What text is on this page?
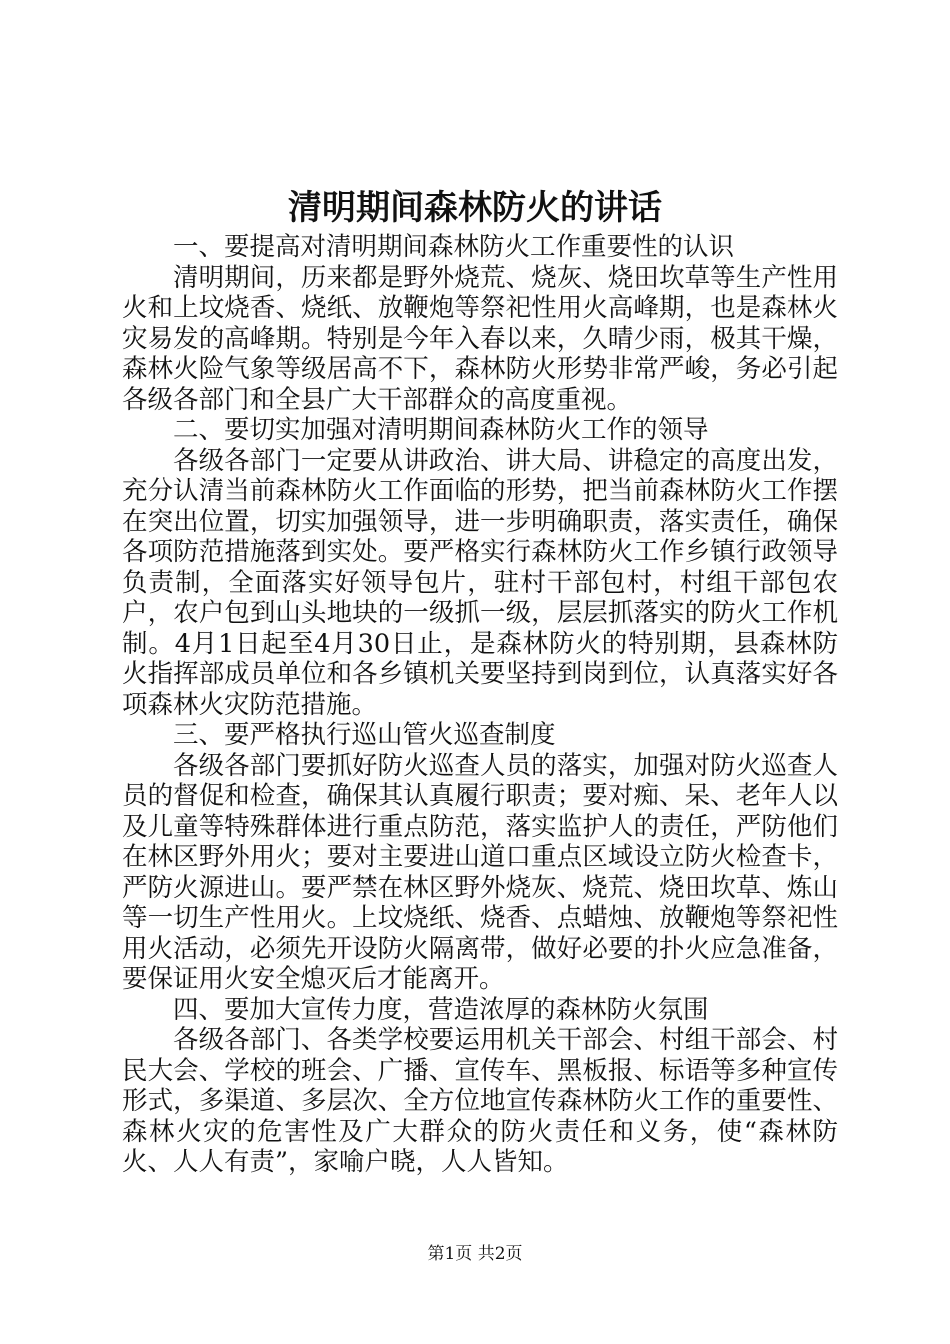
清明期间森林防火的讲话

一、要提高对清明期间森林防火工作重要性的认识

清明期间，历来都是野外烧荒、烧灰、烧田坎草等生产性用火和上坟烧香、烧纸、放鞭炮等祭祀性用火高峰期，也是森林火灾易发的高峰期。特别是今年入春以来，久晴少雨，极其干燥，森林火险气象等级居高不下，森林防火形势非常严峻，务必引起各级各部门和全县广大干部群众的高度重视。

二、要切实加强对清明期间森林防火工作的领导

各级各部门一定要从讲政治、讲大局、讲稳定的高度出发，充分认清当前森林防火工作面临的形势，把当前森林防火工作摆在突出位置，切实加强领导，进一步明确职责，落实责任，确保各项防范措施落到实处。要严格实行森林防火工作乡镇行政领导负责制，全面落实好领导包片，驻村干部包村，村组干部包农户，农户包到山头地块的一级抓一级，层层抓落实的防火工作机制。4月1日起至4月30日止，是森林防火的特别期，县森林防火指挥部成员单位和各乡镇机关要坚持到岗到位，认真落实好各项森林火灾防范措施。

三、要严格执行巡山管火巡查制度

各级各部门要抓好防火巡查人员的落实，加强对防火巡查人员的督促和检查，确保其认真履行职责；要对痴、呆、老年人以及儿童等特殊群体进行重点防范，落实监护人的责任，严防他们在林区野外用火；要对主要进山道口重点区域设立防火检查卡，严防火源进山。要严禁在林区野外烧灰、烧荒、烧田坎草、炼山等一切生产性用火。上坟烧纸、烧香、点蜡烛、放鞭炮等祭祀性用火活动，必须先开设防火隔离带，做好必要的扑火应急准备，要保证用火安全熄灭后才能离开。

四、要加大宣传力度，营造浓厚的森林防火氛围

各级各部门、各类学校要运用机关干部会、村组干部会、村民大会、学校的班会、广播、宣传车、黑板报、标语等多种宣传形式，多渠道、多层次、全方位地宣传森林防火工作的重要性、森林火灾的危害性及广大群众的防火责任和义务，使“森林防火、人人有责”，家喻户晓，人人皆知。

第1页 共2页
